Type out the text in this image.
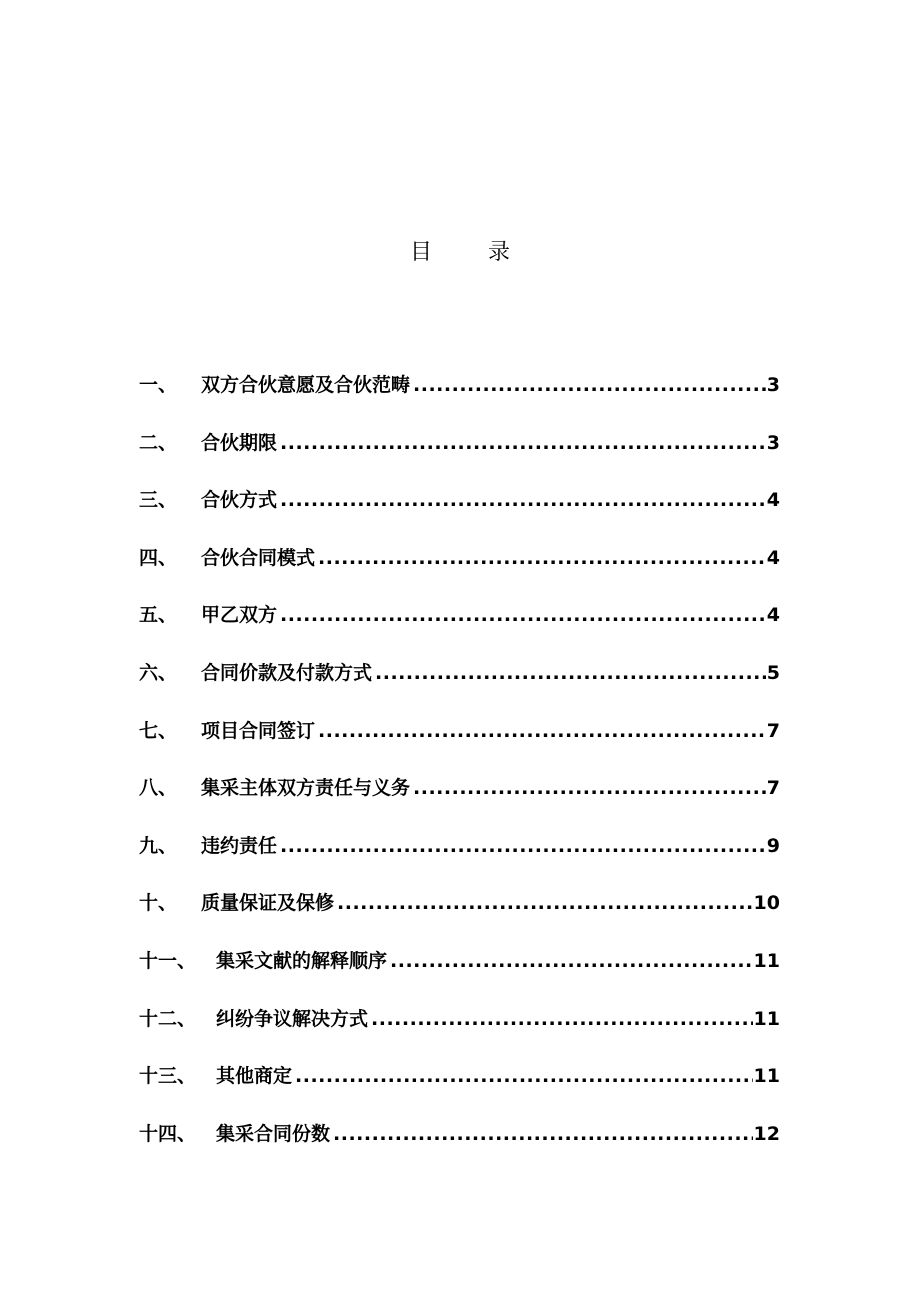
目	录
一、	双方合伙意愿及合伙范畴 .....	3
二、	合伙期限 .....	3
三、	合伙方式 .....	4
四、	合伙合同模式 .....	4
五、	甲乙双方 .....	4
六、	合同价款及付款方式 .....	5
七、	项目合同签订 .....	7
八、	集采主体双方责任与义务 .....	7
九、	违约责任 .....	9
十、	质量保证及保修 .....	10
十一、	集采文献的解释顺序 .....	11
十二、	纠纷争议解决方式 .....	11
十三、	其他商定 .....	11
十四、	集采合同份数 .....	12
